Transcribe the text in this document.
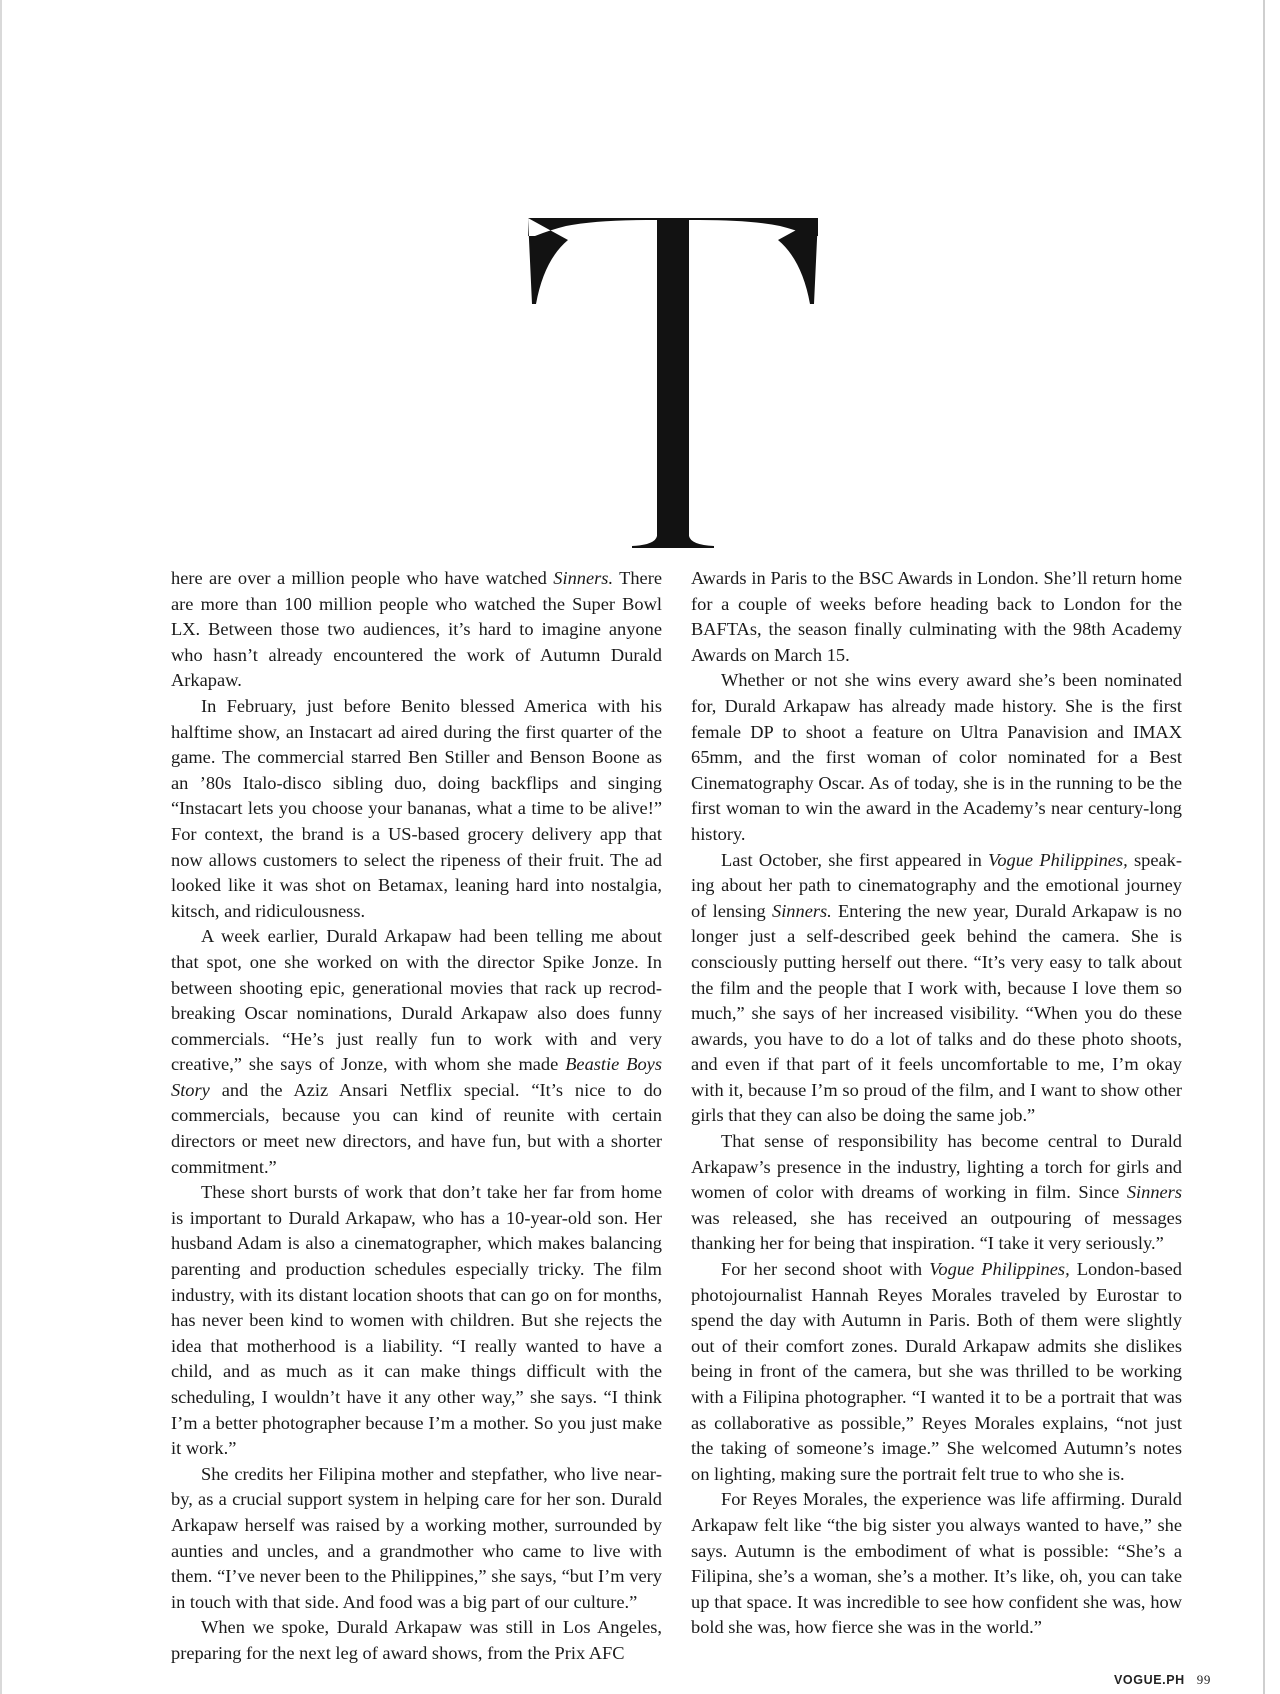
here are over a million people who have watched Sinners. There are more than 100 million people who watched the Super Bowl LX. Between those two audiences, it’s hard to imagine anyone who hasn’t already encountered the work of Autumn Durald Arkapaw.

In February, just before Benito blessed America with his halftime show, an Instacart ad aired during the first quarter of the game. The commercial starred Ben Stiller and Benson Boone as an ’80s Italo-disco sibling duo, doing backflips and singing “Instacart lets you choose your bananas, what a time to be alive!” For context, the brand is a US-based grocery delivery app that now allows customers to select the ripeness of their fruit. The ad looked like it was shot on Betamax, leaning hard into nostalgia, kitsch, and ridiculousness.

A week earlier, Durald Arkapaw had been telling me about that spot, one she worked on with the director Spike Jonze. In between shooting epic, generational movies that rack up recrod-breaking Oscar nominations, Durald Arkapaw also does funny commercials. “He’s just really fun to work with and very creative,” she says of Jonze, with whom she made Beastie Boys Story and the Aziz Ansari Netflix special. “It’s nice to do commercials, because you can kind of reunite with certain directors or meet new directors, and have fun, but with a shorter commitment.”

These short bursts of work that don’t take her far from home is important to Durald Arkapaw, who has a 10-year-old son. Her husband Adam is also a cinematographer, which makes balancing parenting and production schedules especially tricky. The film industry, with its distant location shoots that can go on for months, has never been kind to women with children. But she rejects the idea that motherhood is a liability. “I really wanted to have a child, and as much as it can make things difficult with the scheduling, I wouldn’t have it any other way,” she says. “I think I’m a better photographer because I’m a mother. So you just make it work.”

She credits her Filipina mother and stepfather, who live nearby, as a crucial support system in helping care for her son. Durald Arkapaw herself was raised by a working mother, surrounded by aunties and uncles, and a grandmother who came to live with them. “I’ve never been to the Philippines,” she says, “but I’m very in touch with that side. And food was a big part of our culture.”

When we spoke, Durald Arkapaw was still in Los Angeles, preparing for the next leg of award shows, from the Prix AFC

Awards in Paris to the BSC Awards in London. She’ll return home for a couple of weeks before heading back to London for the BAFTAs, the season finally culminating with the 98th Academy Awards on March 15.

Whether or not she wins every award she’s been nominated for, Durald Arkapaw has already made history. She is the first female DP to shoot a feature on Ultra Panavision and IMAX 65mm, and the first woman of color nominated for a Best Cinematography Oscar. As of today, she is in the running to be the first woman to win the award in the Academy’s near century-long history.

Last October, she first appeared in Vogue Philippines, speaking about her path to cinematography and the emotional journey of lensing Sinners. Entering the new year, Durald Arkapaw is no longer just a self-described geek behind the camera. She is consciously putting herself out there. “It’s very easy to talk about the film and the people that I work with, because I love them so much,” she says of her increased visibility. “When you do these awards, you have to do a lot of talks and do these photo shoots, and even if that part of it feels uncomfortable to me, I’m okay with it, because I’m so proud of the film, and I want to show other girls that they can also be doing the same job.”

That sense of responsibility has become central to Durald Arkapaw’s presence in the industry, lighting a torch for girls and women of color with dreams of working in film. Since Sinners was released, she has received an outpouring of messages thanking her for being that inspiration. “I take it very seriously.”

For her second shoot with Vogue Philippines, London-based photojournalist Hannah Reyes Morales traveled by Eurostar to spend the day with Autumn in Paris. Both of them were slightly out of their comfort zones. Durald Arkapaw admits she dislikes being in front of the camera, but she was thrilled to be working with a Filipina photographer. “I wanted it to be a portrait that was as collaborative as possible,” Reyes Morales explains, “not just the taking of someone’s image.” She welcomed Autumn’s notes on lighting, making sure the portrait felt true to who she is.

For Reyes Morales, the experience was life affirming. Durald Arkapaw felt like “the big sister you always wanted to have,” she says. Autumn is the embodiment of what is possible: “She’s a Filipina, she’s a woman, she’s a mother. It’s like, oh, you can take up that space. It was incredible to see how confident she was, how bold she was, how fierce she was in the world.”

VOGUE.PH 99
